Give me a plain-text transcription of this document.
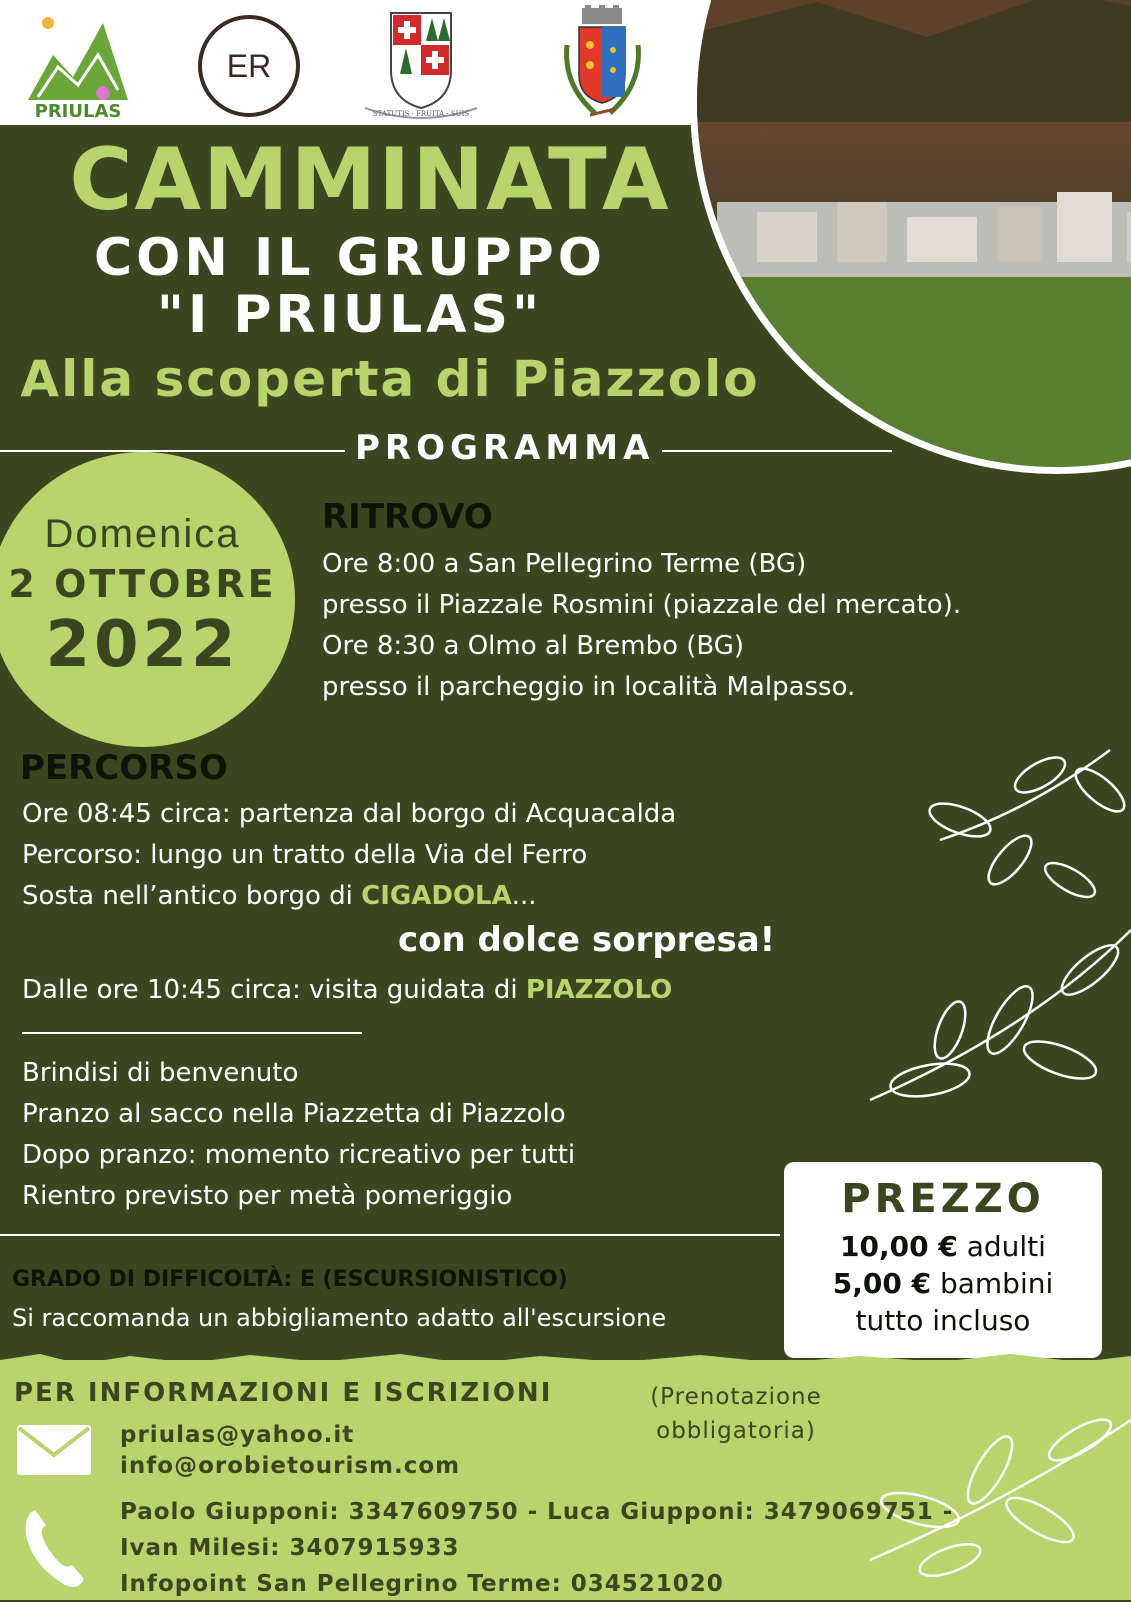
PRIULAS
ER
STATUTIS · FRUITA · SUIS
CAMMINATA
CON IL GRUPPO
"I PRIULAS"
Alla scoperta di Piazzolo
PROGRAMMA
Domenica
2 OTTOBRE
2022
RITROVO
Ore 8:00 a San Pellegrino Terme (BG)
presso il Piazzale Rosmini (piazzale del mercato).
Ore 8:30 a Olmo al Brembo (BG)
presso il parcheggio in località Malpasso.
PERCORSO
Ore 08:45 circa: partenza dal borgo di Acquacalda
Percorso: lungo un tratto della Via del Ferro
Sosta nell’antico borgo di CIGADOLA...
con dolce sorpresa!
Dalle ore 10:45 circa: visita guidata di PIAZZOLO
Brindisi di benvenuto
Pranzo al sacco nella Piazzetta di Piazzolo
Dopo pranzo: momento ricreativo per tutti
Rientro previsto per metà pomeriggio
GRADO DI DIFFICOLTÀ: E (ESCURSIONISTICO)
Si raccomanda un abbigliamento adatto all'escursione
PREZZO
10,00 € adulti
5,00 € bambini
tutto incluso
PER INFORMAZIONI E ISCRIZIONI	(Prenotazione
obbligatoria)
priulas@yahoo.it
info@orobietourism.com
Paolo Giupponi: 3347609750 - Luca Giupponi: 3479069751 -
Ivan Milesi: 3407915933
Infopoint San Pellegrino Terme: 034521020
